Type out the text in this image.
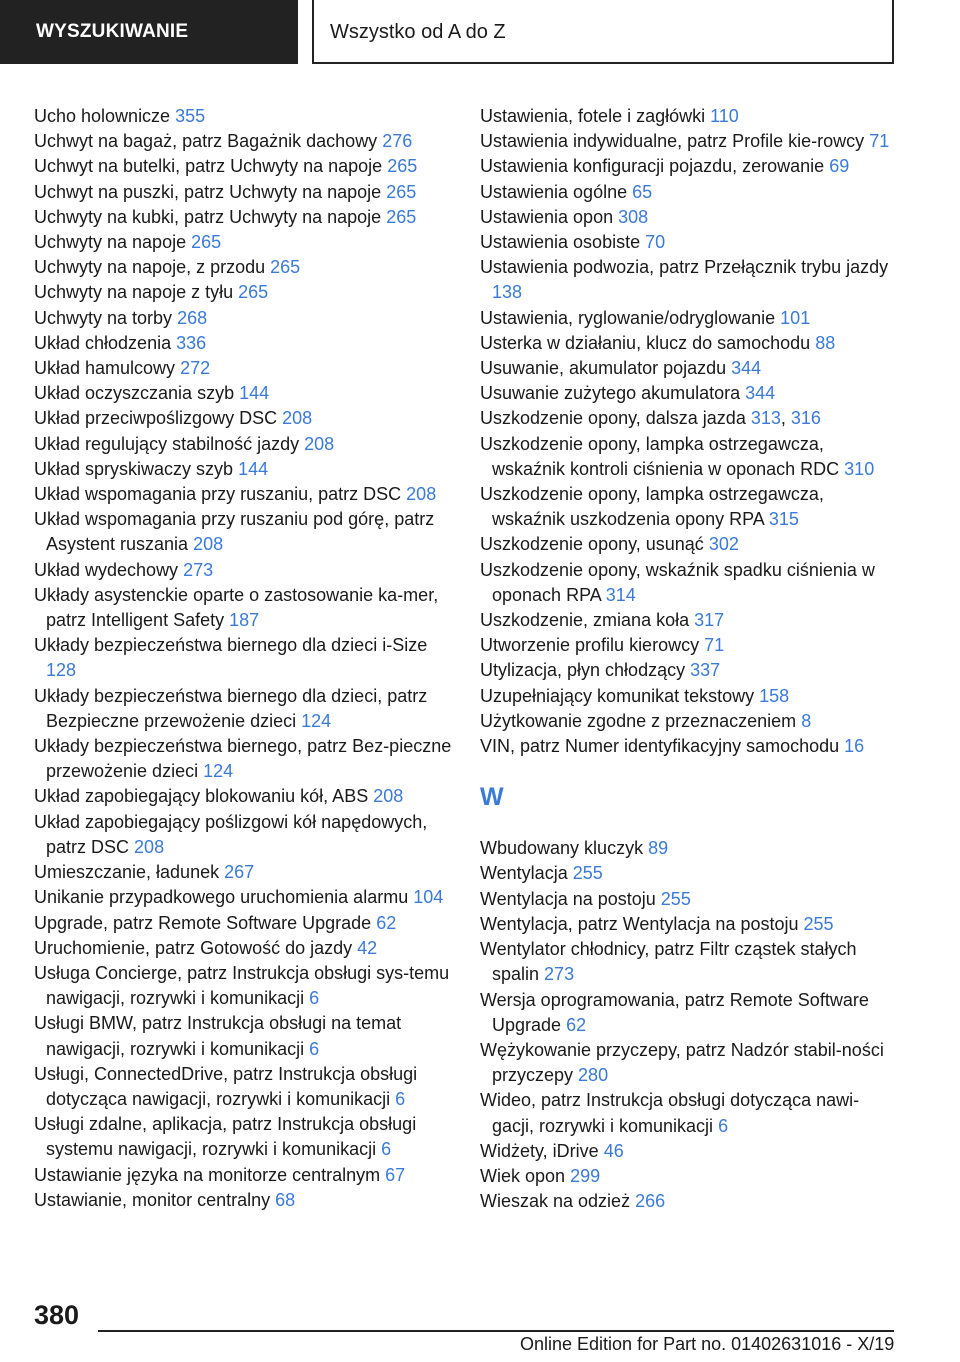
WYSZUKIWANIE	Wszystko od A do Z
Ucho holownicze 355
Uchwyt na bagaż, patrz Bagażnik dachowy 276
Uchwyt na butelki, patrz Uchwyty na napoje 265
Uchwyt na puszki, patrz Uchwyty na napoje 265
Uchwyty na kubki, patrz Uchwyty na napoje 265
Uchwyty na napoje 265
Uchwyty na napoje, z przodu 265
Uchwyty na napoje z tyłu 265
Uchwyty na torby 268
Układ chłodzenia 336
Układ hamulcowy 272
Układ oczyszczania szyb 144
Układ przeciwpoślizgowy DSC 208
Układ regulujący stabilność jazdy 208
Układ spryskiwaczy szyb 144
Układ wspomagania przy ruszaniu, patrz DSC 208
Układ wspomagania przy ruszaniu pod górę, patrz Asystent ruszania 208
Układ wydechowy 273
Układy asystenckie oparte o zastosowanie ka-mer, patrz Intelligent Safety 187
Układy bezpieczeństwa biernego dla dzieci i-Size 128
Układy bezpieczeństwa biernego dla dzieci, patrz Bezpieczne przewożenie dzieci 124
Układy bezpieczeństwa biernego, patrz Bez-pieczne przewożenie dzieci 124
Układ zapobiegający blokowaniu kół, ABS 208
Układ zapobiegający poślizgowi kół napędowych, patrz DSC 208
Umieszczanie, ładunek 267
Unikanie przypadkowego uruchomienia alarmu 104
Upgrade, patrz Remote Software Upgrade 62
Uruchomienie, patrz Gotowość do jazdy 42
Usługa Concierge, patrz Instrukcja obsługi sys-temu nawigacji, rozrywki i komunikacji 6
Usługi BMW, patrz Instrukcja obsługi na temat nawigacji, rozrywki i komunikacji 6
Usługi, ConnectedDrive, patrz Instrukcja obsługi dotycząca nawigacji, rozrywki i komunikacji 6
Usługi zdalne, aplikacja, patrz Instrukcja obsługi systemu nawigacji, rozrywki i komunikacji 6
Ustawianie języka na monitorze centralnym 67
Ustawianie, monitor centralny 68
Ustawienia, fotele i zagłówki 110
Ustawienia indywidualne, patrz Profile kie-rowcy 71
Ustawienia konfiguracji pojazdu, zerowanie 69
Ustawienia ogólne 65
Ustawienia opon 308
Ustawienia osobiste 70
Ustawienia podwozia, patrz Przełącznik trybu jazdy 138
Ustawienia, ryglowanie/odryglowanie 101
Usterka w działaniu, klucz do samochodu 88
Usuwanie, akumulator pojazdu 344
Usuwanie zużytego akumulatora 344
Uszkodzenie opony, dalsza jazda 313, 316
Uszkodzenie opony, lampka ostrzegawcza, wskaźnik kontroli ciśnienia w oponach RDC 310
Uszkodzenie opony, lampka ostrzegawcza, wskaźnik uszkodzenia opony RPA 315
Uszkodzenie opony, usunąć 302
Uszkodzenie opony, wskaźnik spadku ciśnienia w oponach RPA 314
Uszkodzenie, zmiana koła 317
Utworzenie profilu kierowcy 71
Utylizacja, płyn chłodzący 337
Uzupełniający komunikat tekstowy 158
Użytkowanie zgodne z przeznaczeniem 8
VIN, patrz Numer identyfikacyjny samochodu 16
W
Wbudowany kluczyk 89
Wentylacja 255
Wentylacja na postoju 255
Wentylacja, patrz Wentylacja na postoju 255
Wentylator chłodnicy, patrz Filtr cząstek stałych spalin 273
Wersja oprogramowania, patrz Remote Software Upgrade 62
Wężykowanie przyczepy, patrz Nadzór stabil-ności przyczepy 280
Wideo, patrz Instrukcja obsługi dotycząca nawi-gacji, rozrywki i komunikacji 6
Widżety, iDrive 46
Wiek opon 299
Wieszak na odzież 266
380
Online Edition for Part no. 01402631016 - X/19
